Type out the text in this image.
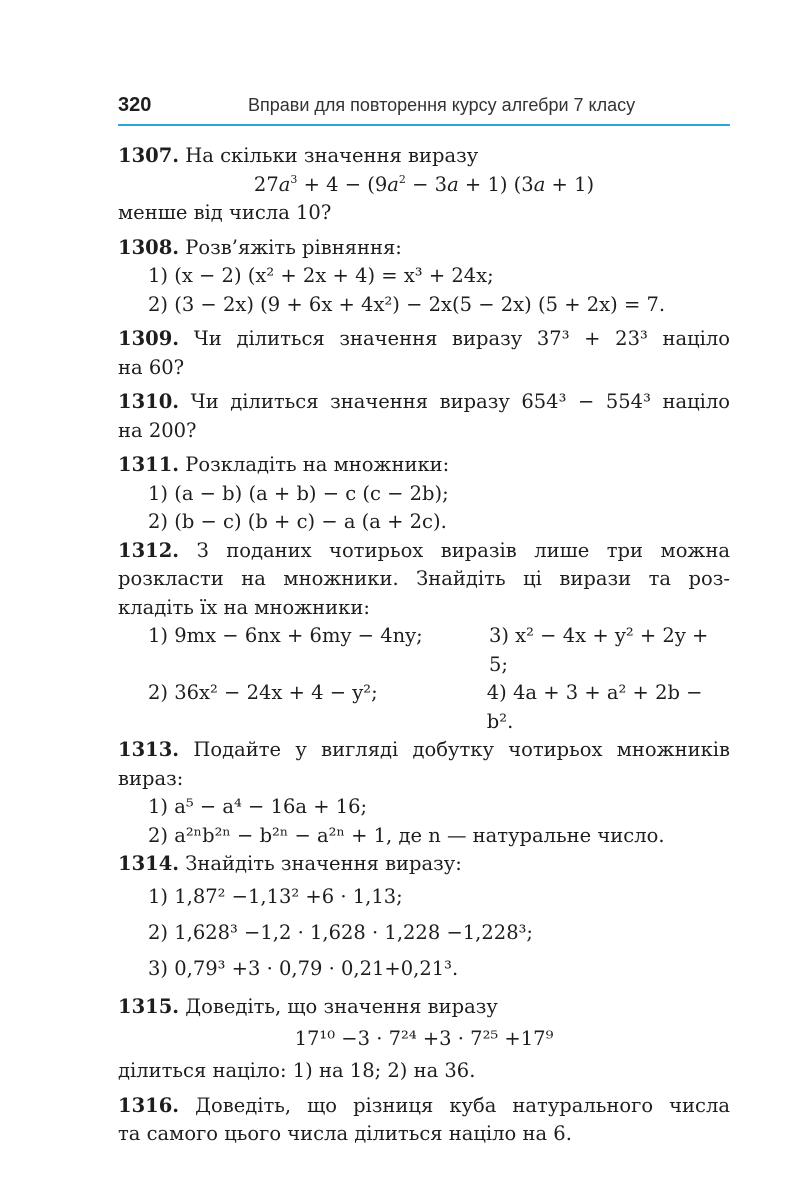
320	Вправи для повторення курсу алгебри 7 класу

1307. На скільки значення виразу

$27a^3 + 4 - (9a^2 - 3a + 1) (3a + 1)$

менше від числа 10?

1308. Розв’яжіть рівняння:

1) (x − 2) (x² + 2x + 4) = x³ + 24x;

2) (3 − 2x) (9 + 6x + 4x²) − 2x(5 − 2x) (5 + 2x) = 7.

1309. Чи ділиться значення виразу 37³ + 23³ націло

на 60?

1310. Чи ділиться значення виразу 654³ − 554³ націло

на 200?

1311. Розкладіть на множники:

1) (a − b) (a + b) − c (c − 2b);

2) (b − c) (b + c) − a (a + 2c).

1312. З поданих чотирьох виразів лише три можна

розкласти на множники. Знайдіть ці вирази та роз-

кладіть їх на множники:

1) 9mx − 6nx + 6my − 4ny;	3) x² − 4x + y² + 2y + 5;
2) 36x² − 24x + 4 − y²;	4) 4a + 3 + a² + 2b − b².

1313. Подайте у вигляді добутку чотирьох множників

вираз:

1) a⁵ − a⁴ − 16a + 16;

2) a²ⁿb²ⁿ − b²ⁿ − a²ⁿ + 1, де n — натуральне число.

1314. Знайдіть значення виразу:

1) 1,87² −1,13² +6 · 1,13;

2) 1,628³ −1,2 · 1,628 · 1,228 −1,228³;

3) 0,79³ +3 · 0,79 · 0,21+0,21³.

1315. Доведіть, що значення виразу

17¹⁰ −3 · 7²⁴ +3 · 7²⁵ +17⁹

ділиться націло: 1) на 18; 2) на 36.

1316. Доведіть, що різниця куба натурального числа

та самого цього числа ділиться націло на 6.
